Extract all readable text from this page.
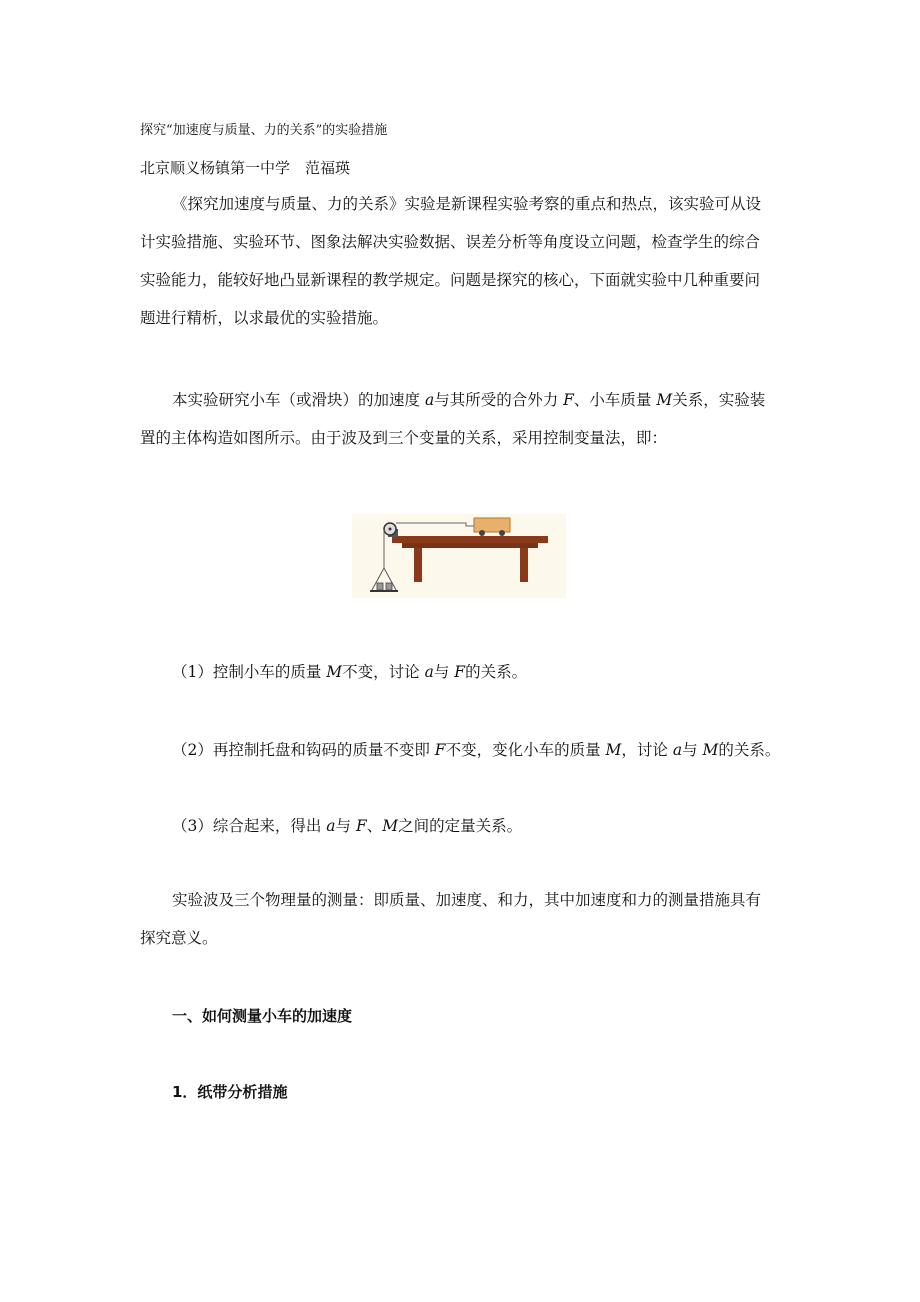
探究“加速度与质量、力的关系”的实验措施
北京顺义杨镇第一中学　范福瑛
《探究加速度与质量、力的关系》实验是新课程实验考察的重点和热点，该实验可从设
计实验措施、实验环节、图象法解决实验数据、误差分析等角度设立问题，检查学生的综合
实验能力，能较好地凸显新课程的教学规定。问题是探究的核心，下面就实验中几种重要问
题进行精析，以求最优的实验措施。
本实验研究小车（或滑块）的加速度 a与其所受的合外力 F、小车质量 M关系，实验装
置的主体构造如图所示。由于波及到三个变量的关系，采用控制变量法，即：
（1）控制小车的质量 M不变，讨论 a与 F的关系。
（2）再控制托盘和钩码的质量不变即 F不变，变化小车的质量 M，讨论 a与 M的关系。
（3）综合起来，得出 a与 F、M之间的定量关系。
实验波及三个物理量的测量：即质量、加速度、和力，其中加速度和力的测量措施具有
探究意义。
一、如何测量小车的加速度
1．纸带分析措施
